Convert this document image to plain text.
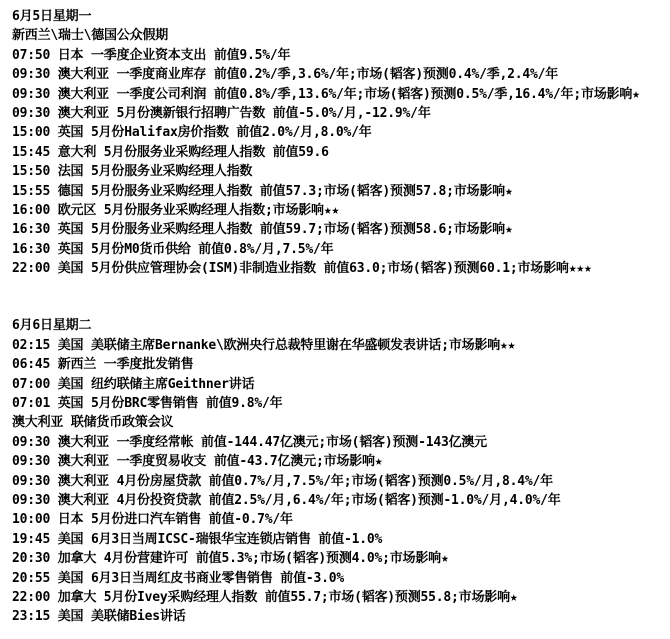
6月5日星期一
新西兰\瑞士\德国公众假期
07:50 日本 一季度企业资本支出 前值9.5%/年
09:30 澳大利亚 一季度商业库存 前值0.2%/季,3.6%/年;市场(韬客)预测0.4%/季,2.4%/年
09:30 澳大利亚 一季度公司利润 前值0.8%/季,13.6%/年;市场(韬客)预测0.5%/季,16.4%/年;市场影响★
09:30 澳大利亚 5月份澳新银行招聘广告数 前值-5.0%/月,-12.9%/年
15:00 英国 5月份Halifax房价指数 前值2.0%/月,8.0%/年
15:45 意大利 5月份服务业采购经理人指数 前值59.6
15:50 法国 5月份服务业采购经理人指数
15:55 德国 5月份服务业采购经理人指数 前值57.3;市场(韬客)预测57.8;市场影响★
16:00 欧元区 5月份服务业采购经理人指数;市场影响★★
16:30 英国 5月份服务业采购经理人指数 前值59.7;市场(韬客)预测58.6;市场影响★
16:30 英国 5月份M0货币供给 前值0.8%/月,7.5%/年
22:00 美国 5月份供应管理协会(ISM)非制造业指数 前值63.0;市场(韬客)预测60.1;市场影响★★★
6月6日星期二
02:15 美国 美联储主席Bernanke\欧洲央行总裁特里谢在华盛顿发表讲话;市场影响★★
06:45 新西兰 一季度批发销售
07:00 美国 纽约联储主席Geithner讲话
07:01 英国 5月份BRC零售销售 前值9.8%/年
澳大利亚 联储货币政策会议
09:30 澳大利亚 一季度经常帐 前值-144.47亿澳元;市场(韬客)预测-143亿澳元
09:30 澳大利亚 一季度贸易收支 前值-43.7亿澳元;市场影响★
09:30 澳大利亚 4月份房屋贷款 前值0.7%/月,7.5%/年;市场(韬客)预测0.5%/月,8.4%/年
09:30 澳大利亚 4月份投资贷款 前值2.5%/月,6.4%/年;市场(韬客)预测-1.0%/月,4.0%/年
10:00 日本 5月份进口汽车销售 前值-0.7%/年
19:45 美国 6月3日当周ICSC-瑞银华宝连锁店销售 前值-1.0%
20:30 加拿大 4月份营建许可 前值5.3%;市场(韬客)预测4.0%;市场影响★
20:55 美国 6月3日当周红皮书商业零售销售 前值-3.0%
22:00 加拿大 5月份Ivey采购经理人指数 前值55.7;市场(韬客)预测55.8;市场影响★
23:15 美国 美联储Bies讲话
